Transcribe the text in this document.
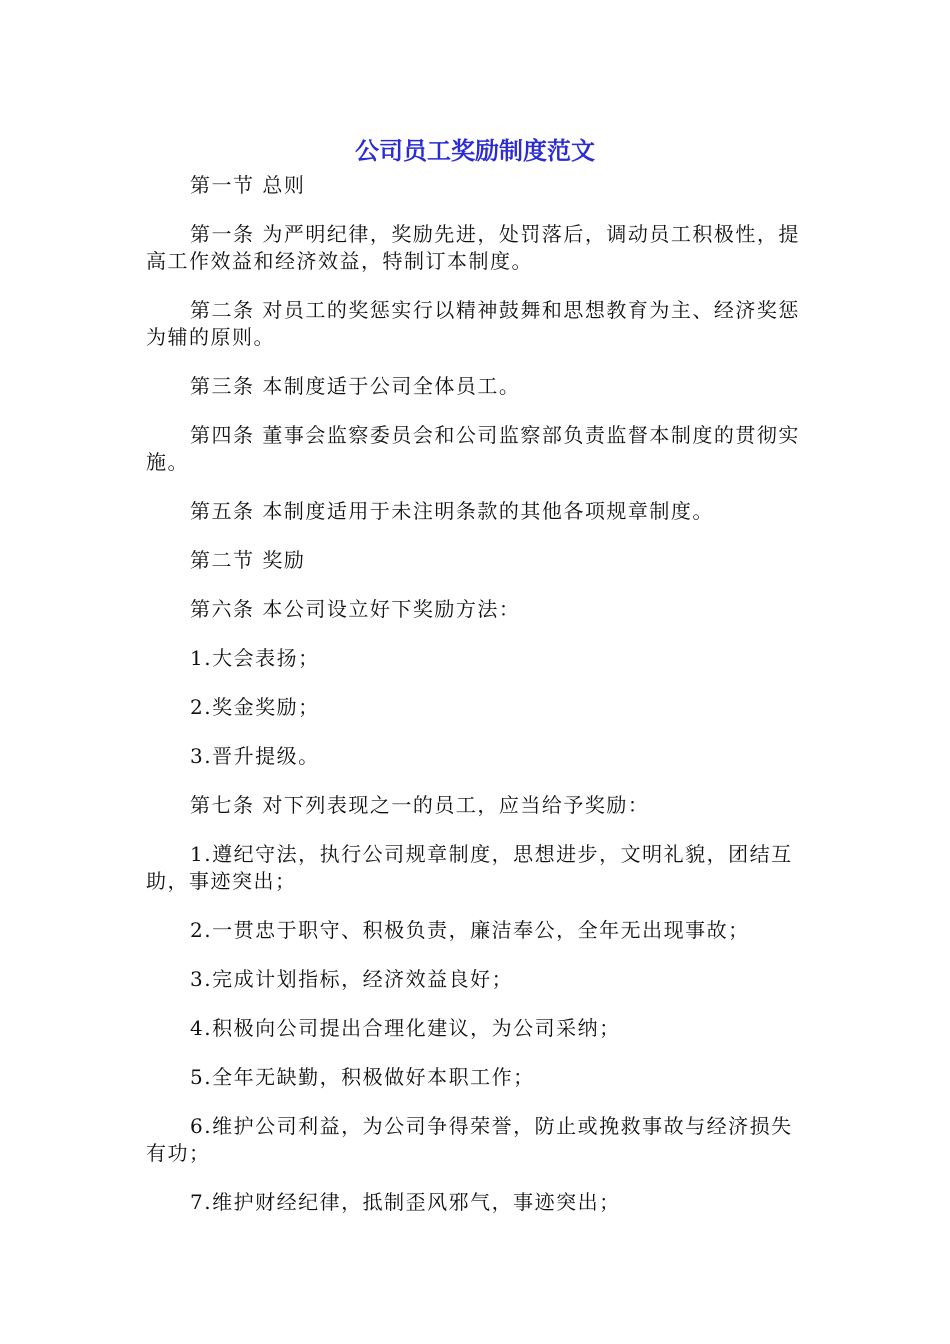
公司员工奖励制度范文

第一节 总则

第一条 为严明纪律，奖励先进，处罚落后，调动员工积极性，提高工作效益和经济效益，特制订本制度。

第二条 对员工的奖惩实行以精神鼓舞和思想教育为主、经济奖惩为辅的原则。

第三条 本制度适于公司全体员工。

第四条 董事会监察委员会和公司监察部负责监督本制度的贯彻实施。

第五条 本制度适用于未注明条款的其他各项规章制度。

第二节 奖励

第六条 本公司设立好下奖励方法：

1.大会表扬；

2.奖金奖励；

3.晋升提级。

第七条 对下列表现之一的员工，应当给予奖励：

1.遵纪守法，执行公司规章制度，思想进步，文明礼貌，团结互助，事迹突出；

2.一贯忠于职守、积极负责，廉洁奉公，全年无出现事故；

3.完成计划指标，经济效益良好；

4.积极向公司提出合理化建议，为公司采纳；

5.全年无缺勤，积极做好本职工作；

6.维护公司利益，为公司争得荣誉，防止或挽救事故与经济损失有功；

7.维护财经纪律，抵制歪风邪气，事迹突出；
